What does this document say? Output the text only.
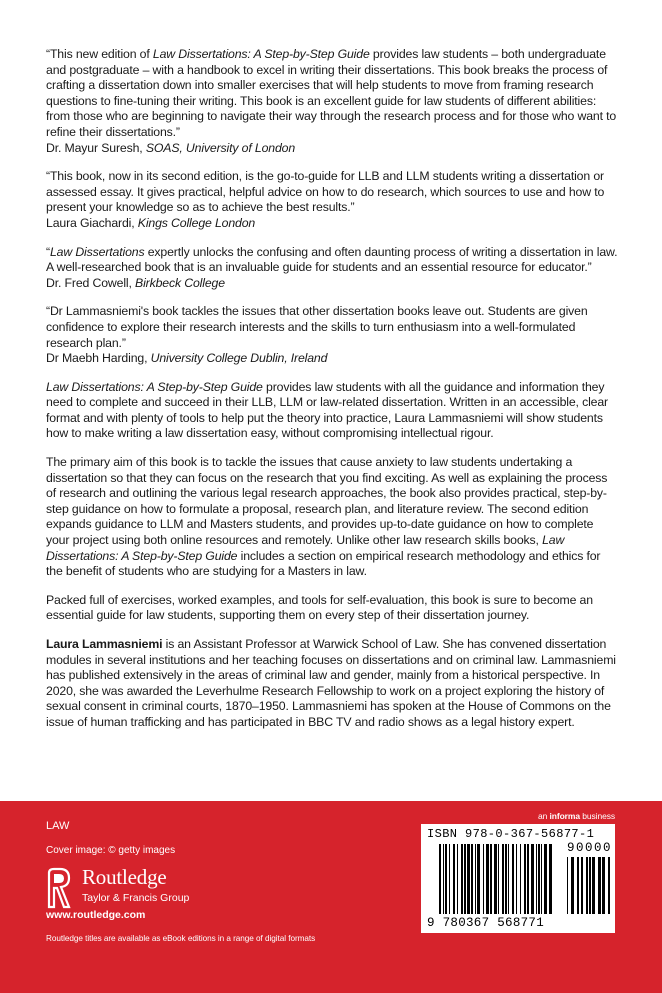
“This new edition of Law Dissertations: A Step-by-Step Guide provides law students – both undergraduate and postgraduate – with a handbook to excel in writing their dissertations. This book breaks the process of crafting a dissertation down into smaller exercises that will help students to move from framing research questions to fine-tuning their writing. This book is an excellent guide for law students of different abilities: from those who are beginning to navigate their way through the research process and for those who want to refine their dissertations.”
Dr. Mayur Suresh, SOAS, University of London

“This book, now in its second edition, is the go-to-guide for LLB and LLM students writing a dissertation or assessed essay. It gives practical, helpful advice on how to do research, which sources to use and how to present your knowledge so as to achieve the best results.”
Laura Giachardi, Kings College London

“Law Dissertations expertly unlocks the confusing and often daunting process of writing a dissertation in law. A well-researched book that is an invaluable guide for students and an essential resource for educator.”
Dr. Fred Cowell, Birkbeck College

“Dr Lammasniemi's book tackles the issues that other dissertation books leave out. Students are given confidence to explore their research interests and the skills to turn enthusiasm into a well-formulated research plan.”
Dr Maebh Harding, University College Dublin, Ireland

Law Dissertations: A Step-by-Step Guide provides law students with all the guidance and information they need to complete and succeed in their LLB, LLM or law-related dissertation. Written in an accessible, clear format and with plenty of tools to help put the theory into practice, Laura Lammasniemi will show students how to make writing a law dissertation easy, without compromising intellectual rigour.

The primary aim of this book is to tackle the issues that cause anxiety to law students undertaking a dissertation so that they can focus on the research that you find exciting. As well as explaining the process of research and outlining the various legal research approaches, the book also provides practical, step-by-step guidance on how to formulate a proposal, research plan, and literature review. The second edition expands guidance to LLM and Masters students, and provides up-to-date guidance on how to complete your project using both online resources and remotely. Unlike other law research skills books, Law Dissertations: A Step-by-Step Guide includes a section on empirical research methodology and ethics for the benefit of students who are studying for a Masters in law.

Packed full of exercises, worked examples, and tools for self-evaluation, this book is sure to become an essential guide for law students, supporting them on every step of their dissertation journey.

Laura Lammasniemi is an Assistant Professor at Warwick School of Law. She has convened dissertation modules in several institutions and her teaching focuses on dissertations and on criminal law. Lammasniemi has published extensively in the areas of criminal law and gender, mainly from a historical perspective. In 2020, she was awarded the Leverhulme Research Fellowship to work on a project exploring the history of sexual consent in criminal courts, 1870–1950. Lammasniemi has spoken at the House of Commons on the issue of human trafficking and has participated in BBC TV and radio shows as a legal history expert.

an informa business
LAW
Cover image: © getty images
Routledge
Taylor & Francis Group
www.routledge.com
Routledge titles are available as eBook editions in a range of digital formats
ISBN 978-0-367-56877-1
90000
9 780367 568771
